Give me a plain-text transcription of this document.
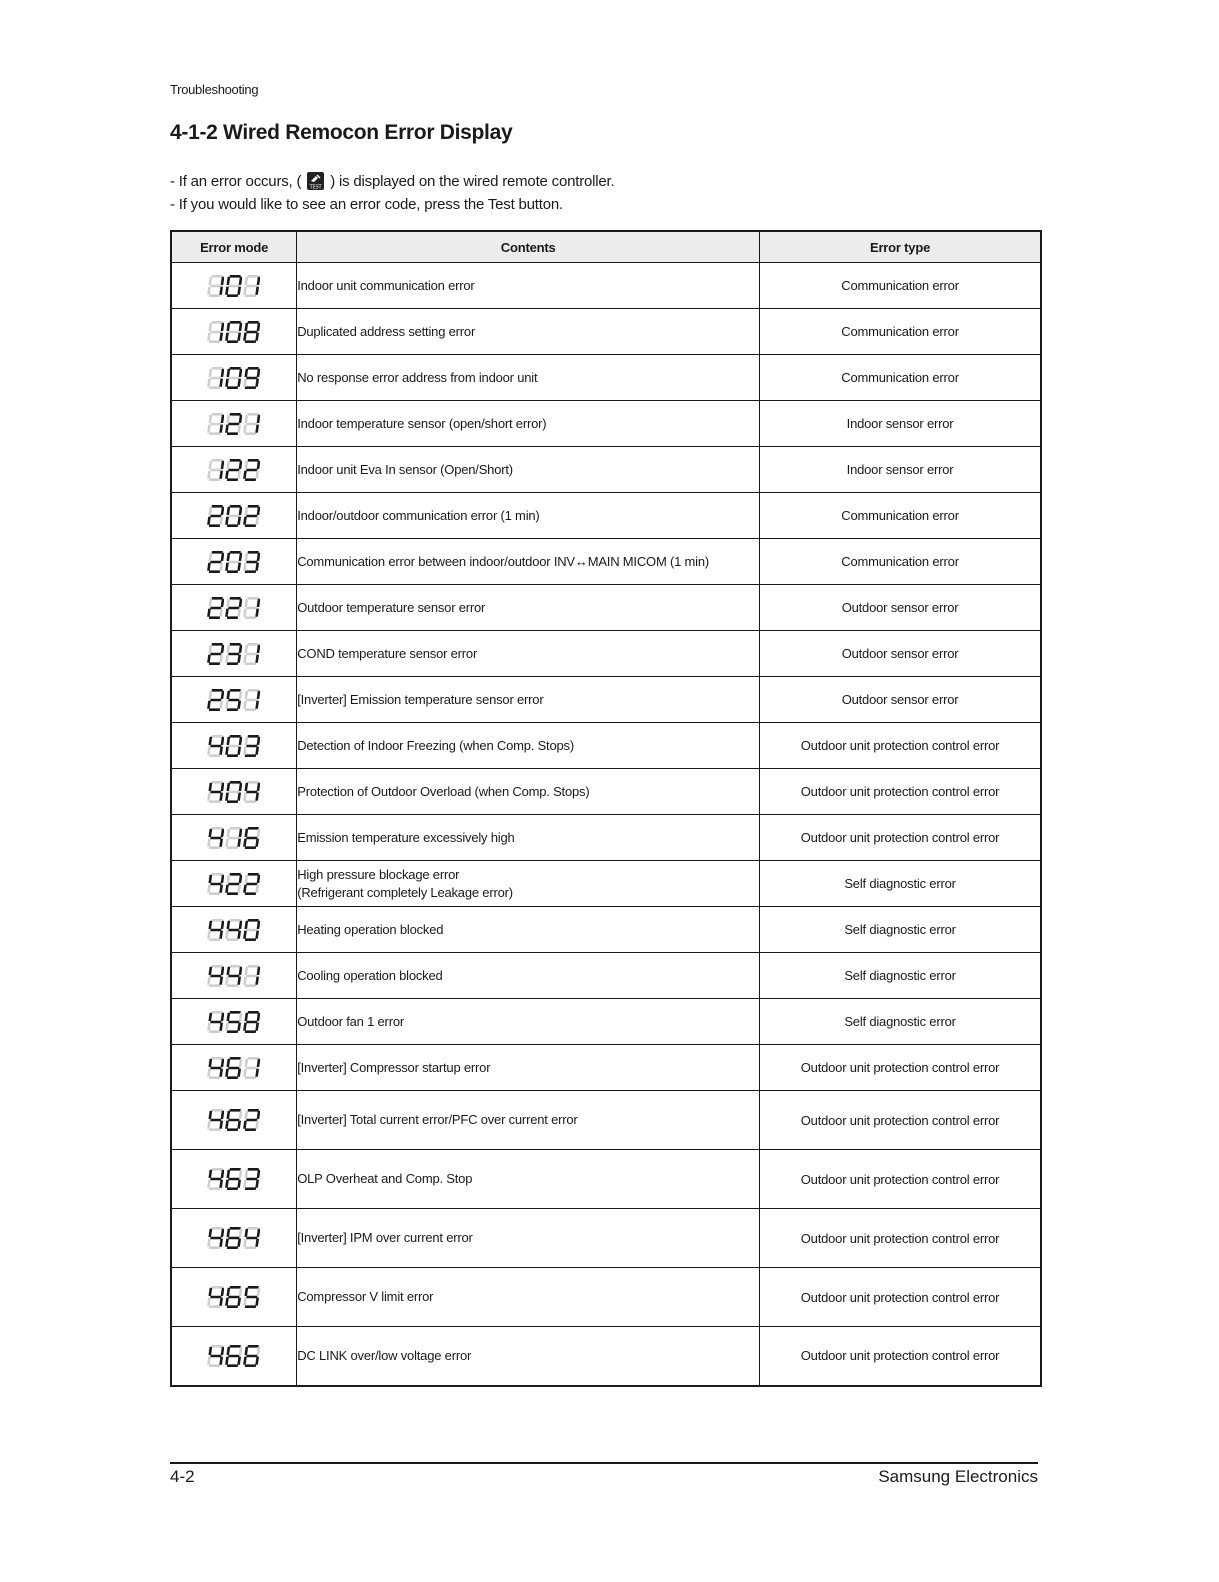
Troubleshooting
4-1-2 Wired Remocon Error Display
- If an error occurs, ( TEST ) is displayed on the wired remote controller.
- If you would like to see an error code, press the Test button.
Error mode	Contents	Error type

Indoor unit communication error	Communication error

Duplicated address setting error	Communication error

No response error address from indoor unit	Communication error

Indoor temperature sensor (open/short error)	Indoor sensor error

Indoor unit Eva In sensor (Open/Short)	Indoor sensor error

Indoor/outdoor communication error (1 min)	Communication error

Communication error between indoor/outdoor INV↔MAIN MICOM (1 min)	Communication error

Outdoor temperature sensor error	Outdoor sensor error

COND temperature sensor error	Outdoor sensor error

[Inverter] Emission temperature sensor error	Outdoor sensor error

Detection of Indoor Freezing (when Comp. Stops)	Outdoor unit protection control error

Protection of Outdoor Overload (when Comp. Stops)	Outdoor unit protection control error

Emission temperature excessively high	Outdoor unit protection control error

High pressure blockage error
(Refrigerant completely Leakage error)	Self diagnostic error

Heating operation blocked	Self diagnostic error

Cooling operation blocked	Self diagnostic error

Outdoor fan 1 error	Self diagnostic error

[Inverter] Compressor startup error	Outdoor unit protection control error

[Inverter] Total current error/PFC over current error	Outdoor unit protection control error

OLP Overheat and Comp. Stop	Outdoor unit protection control error

[Inverter] IPM over current error	Outdoor unit protection control error

Compressor V limit error	Outdoor unit protection control error

DC LINK over/low voltage error	Outdoor unit protection control error
4-2	Samsung Electronics
